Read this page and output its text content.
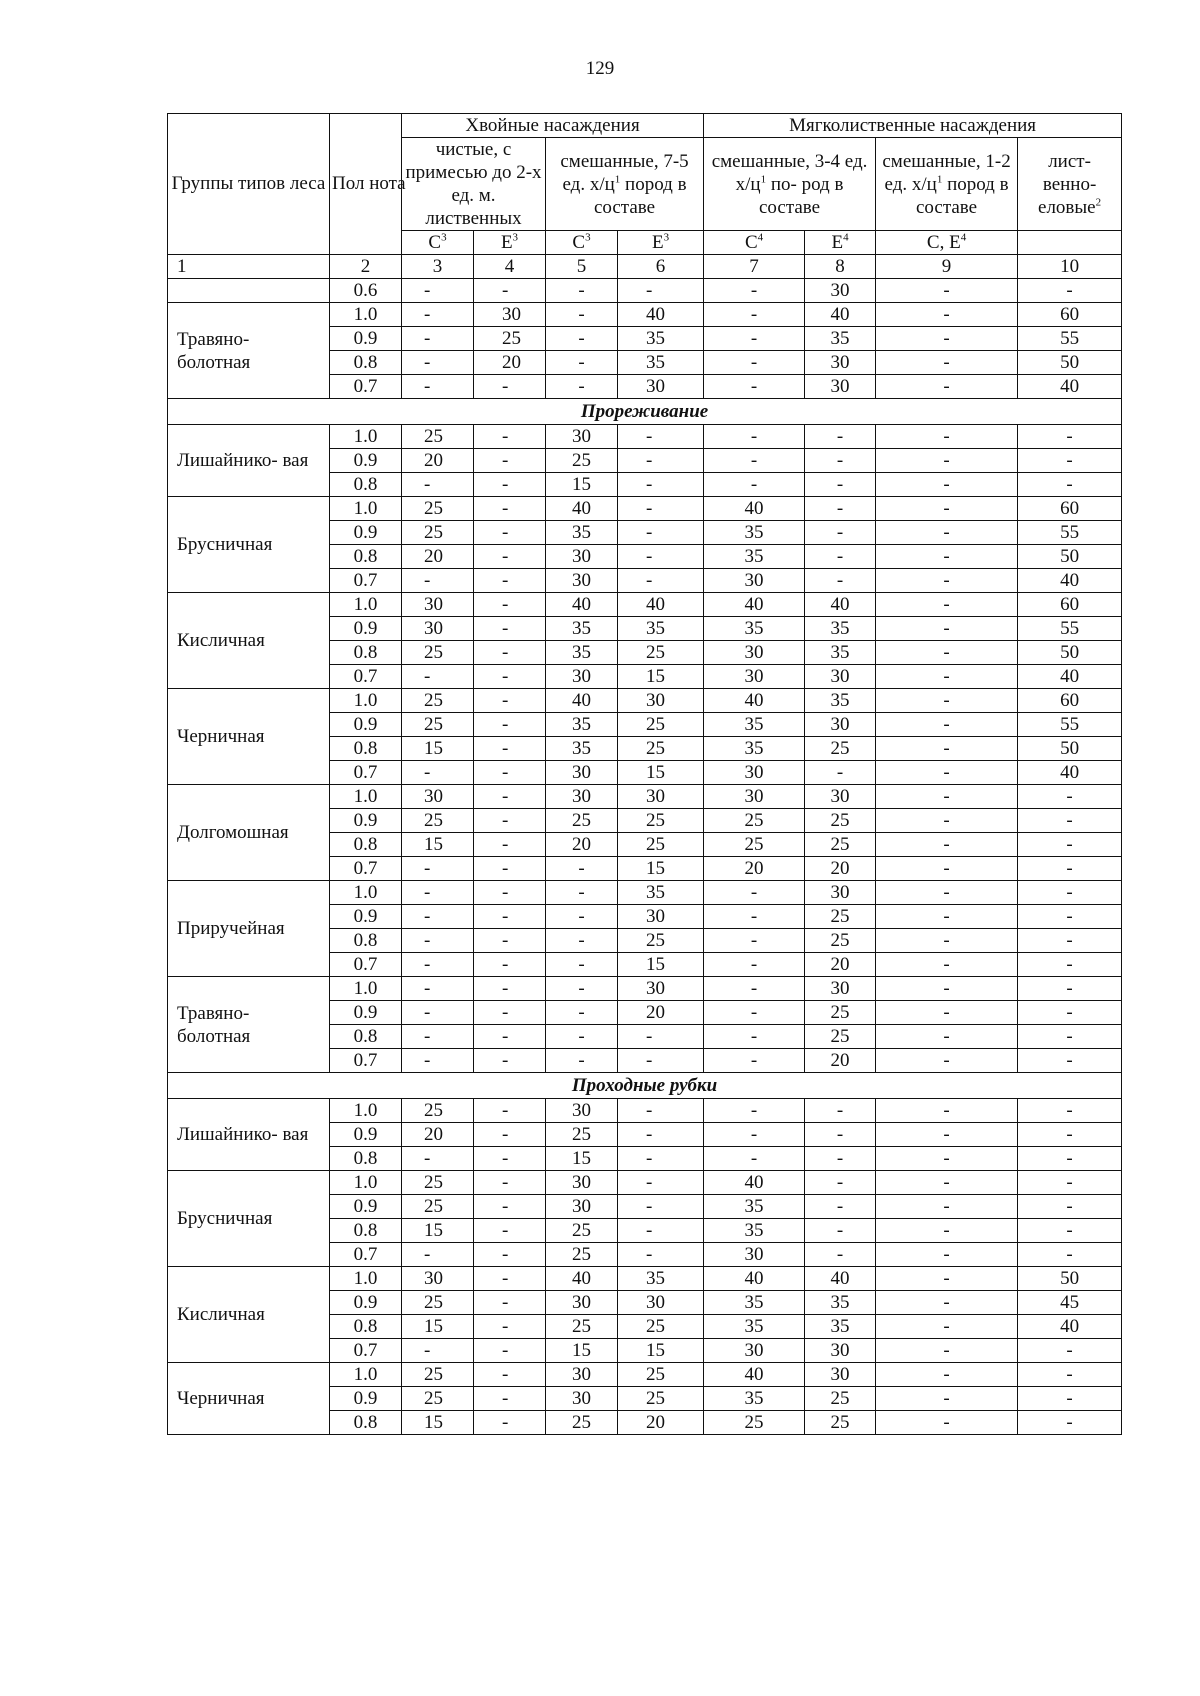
129
Группы типов леса	Пол нота	Хвойные насаждения				Мягколиственные насаждения			
		чистые, с примесью до 2-х ед. м. лиственных		смешанные, 7-5 ед. $х/ц^1$ пород в составе		смешанные, 3-4 ед. $х/ц^1$ по- род в составе		смешанные, 1-2 ед. $х/ц^1$ пород в составе	лист- венно- еловые$^2$
		$С^3$	$Е^3$	$С^3$	$Е^3$	$С^4$	$Е^4$	С, $Е^4$	
1	2	3	4	5	6	7	8	9	10
	0.6	-	-	-	-	-	30	-	-
Травяно- болотная	1.0	-	30	-	40	-	40	-	60
	0.9	-	25	-	35	-	35	-	55
	0.8	-	20	-	35	-	30	-	50
	0.7	-	-	-	30	-	30	-	40
Прореживание									
Лишайнико- вая	1.0	25	-	30	-	-	-	-	-
	0.9	20	-	25	-	-	-	-	-
	0.8	-	-	15	-	-	-	-	-
Брусничная	1.0	25	-	40	-	40	-	-	60
	0.9	25	-	35	-	35	-	-	55
	0.8	20	-	30	-	35	-	-	50
	0.7	-	-	30	-	30	-	-	40
Кисличная	1.0	30	-	40	40	40	40	-	60
	0.9	30	-	35	35	35	35	-	55
	0.8	25	-	35	25	30	35	-	50
	0.7	-	-	30	15	30	30	-	40
Черничная	1.0	25	-	40	30	40	35	-	60
	0.9	25	-	35	25	35	30	-	55
	0.8	15	-	35	25	35	25	-	50
	0.7	-	-	30	15	30	-	-	40
Долгомошная	1.0	30	-	30	30	30	30	-	-
	0.9	25	-	25	25	25	25	-	-
	0.8	15	-	20	25	25	25	-	-
	0.7	-	-	-	15	20	20	-	-
Приручейная	1.0	-	-	-	35	-	30	-	-
	0.9	-	-	-	30	-	25	-	-
	0.8	-	-	-	25	-	25	-	-
	0.7	-	-	-	15	-	20	-	-
Травяно- болотная	1.0	-	-	-	30	-	30	-	-
	0.9	-	-	-	20	-	25	-	-
	0.8	-	-	-	-	-	25	-	-
	0.7	-	-	-	-	-	20	-	-
Проходные рубки									
Лишайнико- вая	1.0	25	-	30	-	-	-	-	-
	0.9	20	-	25	-	-	-	-	-
	0.8	-	-	15	-	-	-	-	-
Брусничная	1.0	25	-	30	-	40	-	-	-
	0.9	25	-	30	-	35	-	-	-
	0.8	15	-	25	-	35	-	-	-
	0.7	-	-	25	-	30	-	-	-
Кисличная	1.0	30	-	40	35	40	40	-	50
	0.9	25	-	30	30	35	35	-	45
	0.8	15	-	25	25	35	35	-	40
	0.7	-	-	15	15	30	30	-	-
Черничная	1.0	25	-	30	25	40	30	-	-
	0.9	25	-	30	25	35	25	-	-
	0.8	15	-	25	20	25	25	-	-
